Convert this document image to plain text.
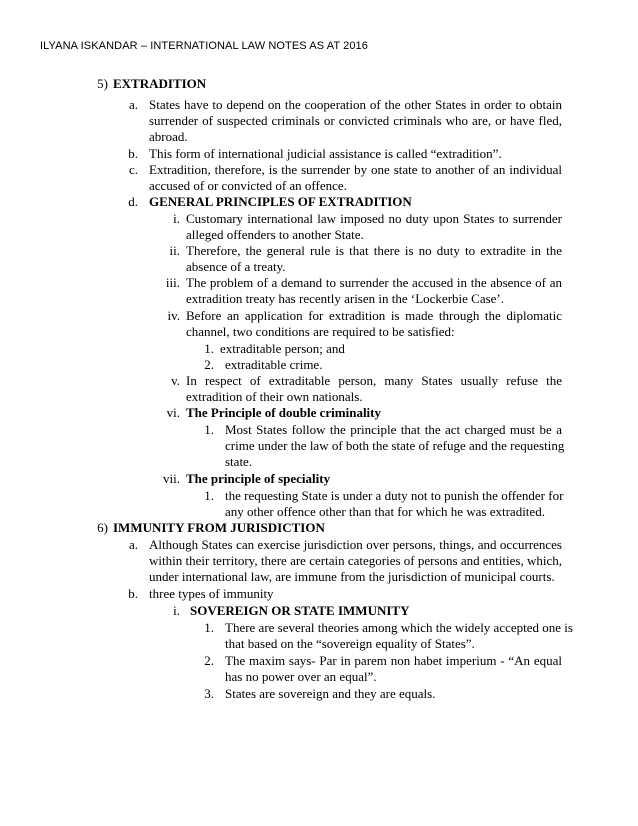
ILYANA ISKANDAR – INTERNATIONAL LAW NOTES AS AT 2016
5) EXTRADITION
a. States have to depend on the cooperation of the other States in order to obtain
surrender of suspected criminals or convicted criminals who are, or have fled,
abroad.
b. This form of international judicial assistance is called “extradition”.
c. Extradition, therefore, is the surrender by one state to another of an individual
accused of or convicted of an offence.
d. GENERAL PRINCIPLES OF EXTRADITION
i. Customary international law imposed no duty upon States to surrender
alleged offenders to another State.
ii. Therefore, the general rule is that there is no duty to extradite in the
absence of a treaty.
iii. The problem of a demand to surrender the accused in the absence of an
extradition treaty has recently arisen in the ‘Lockerbie Case’.
iv. Before an application for extradition is made through the diplomatic
channel, two conditions are required to be satisfied:
1. extraditable person; and
2. extraditable crime.
v. In respect of extraditable person, many States usually refuse the
extradition of their own nationals.
vi. The Principle of double criminality
1. Most States follow the principle that the act charged must be a
crime under the law of both the state of refuge and the requesting
state.
vii. The principle of speciality
1. the requesting State is under a duty not to punish the offender for
any other offence other than that for which he was extradited.
6) IMMUNITY FROM JURISDICTION
a. Although States can exercise jurisdiction over persons, things, and occurrences
within their territory, there are certain categories of persons and entities, which,
under international law, are immune from the jurisdiction of municipal courts.
b. three types of immunity
i. SOVEREIGN OR STATE IMMUNITY
1. There are several theories among which the widely accepted one is
that based on the “sovereign equality of States”.
2. The maxim says- Par in parem non habet imperium - “An equal
has no power over an equal”.
3. States are sovereign and they are equals.
